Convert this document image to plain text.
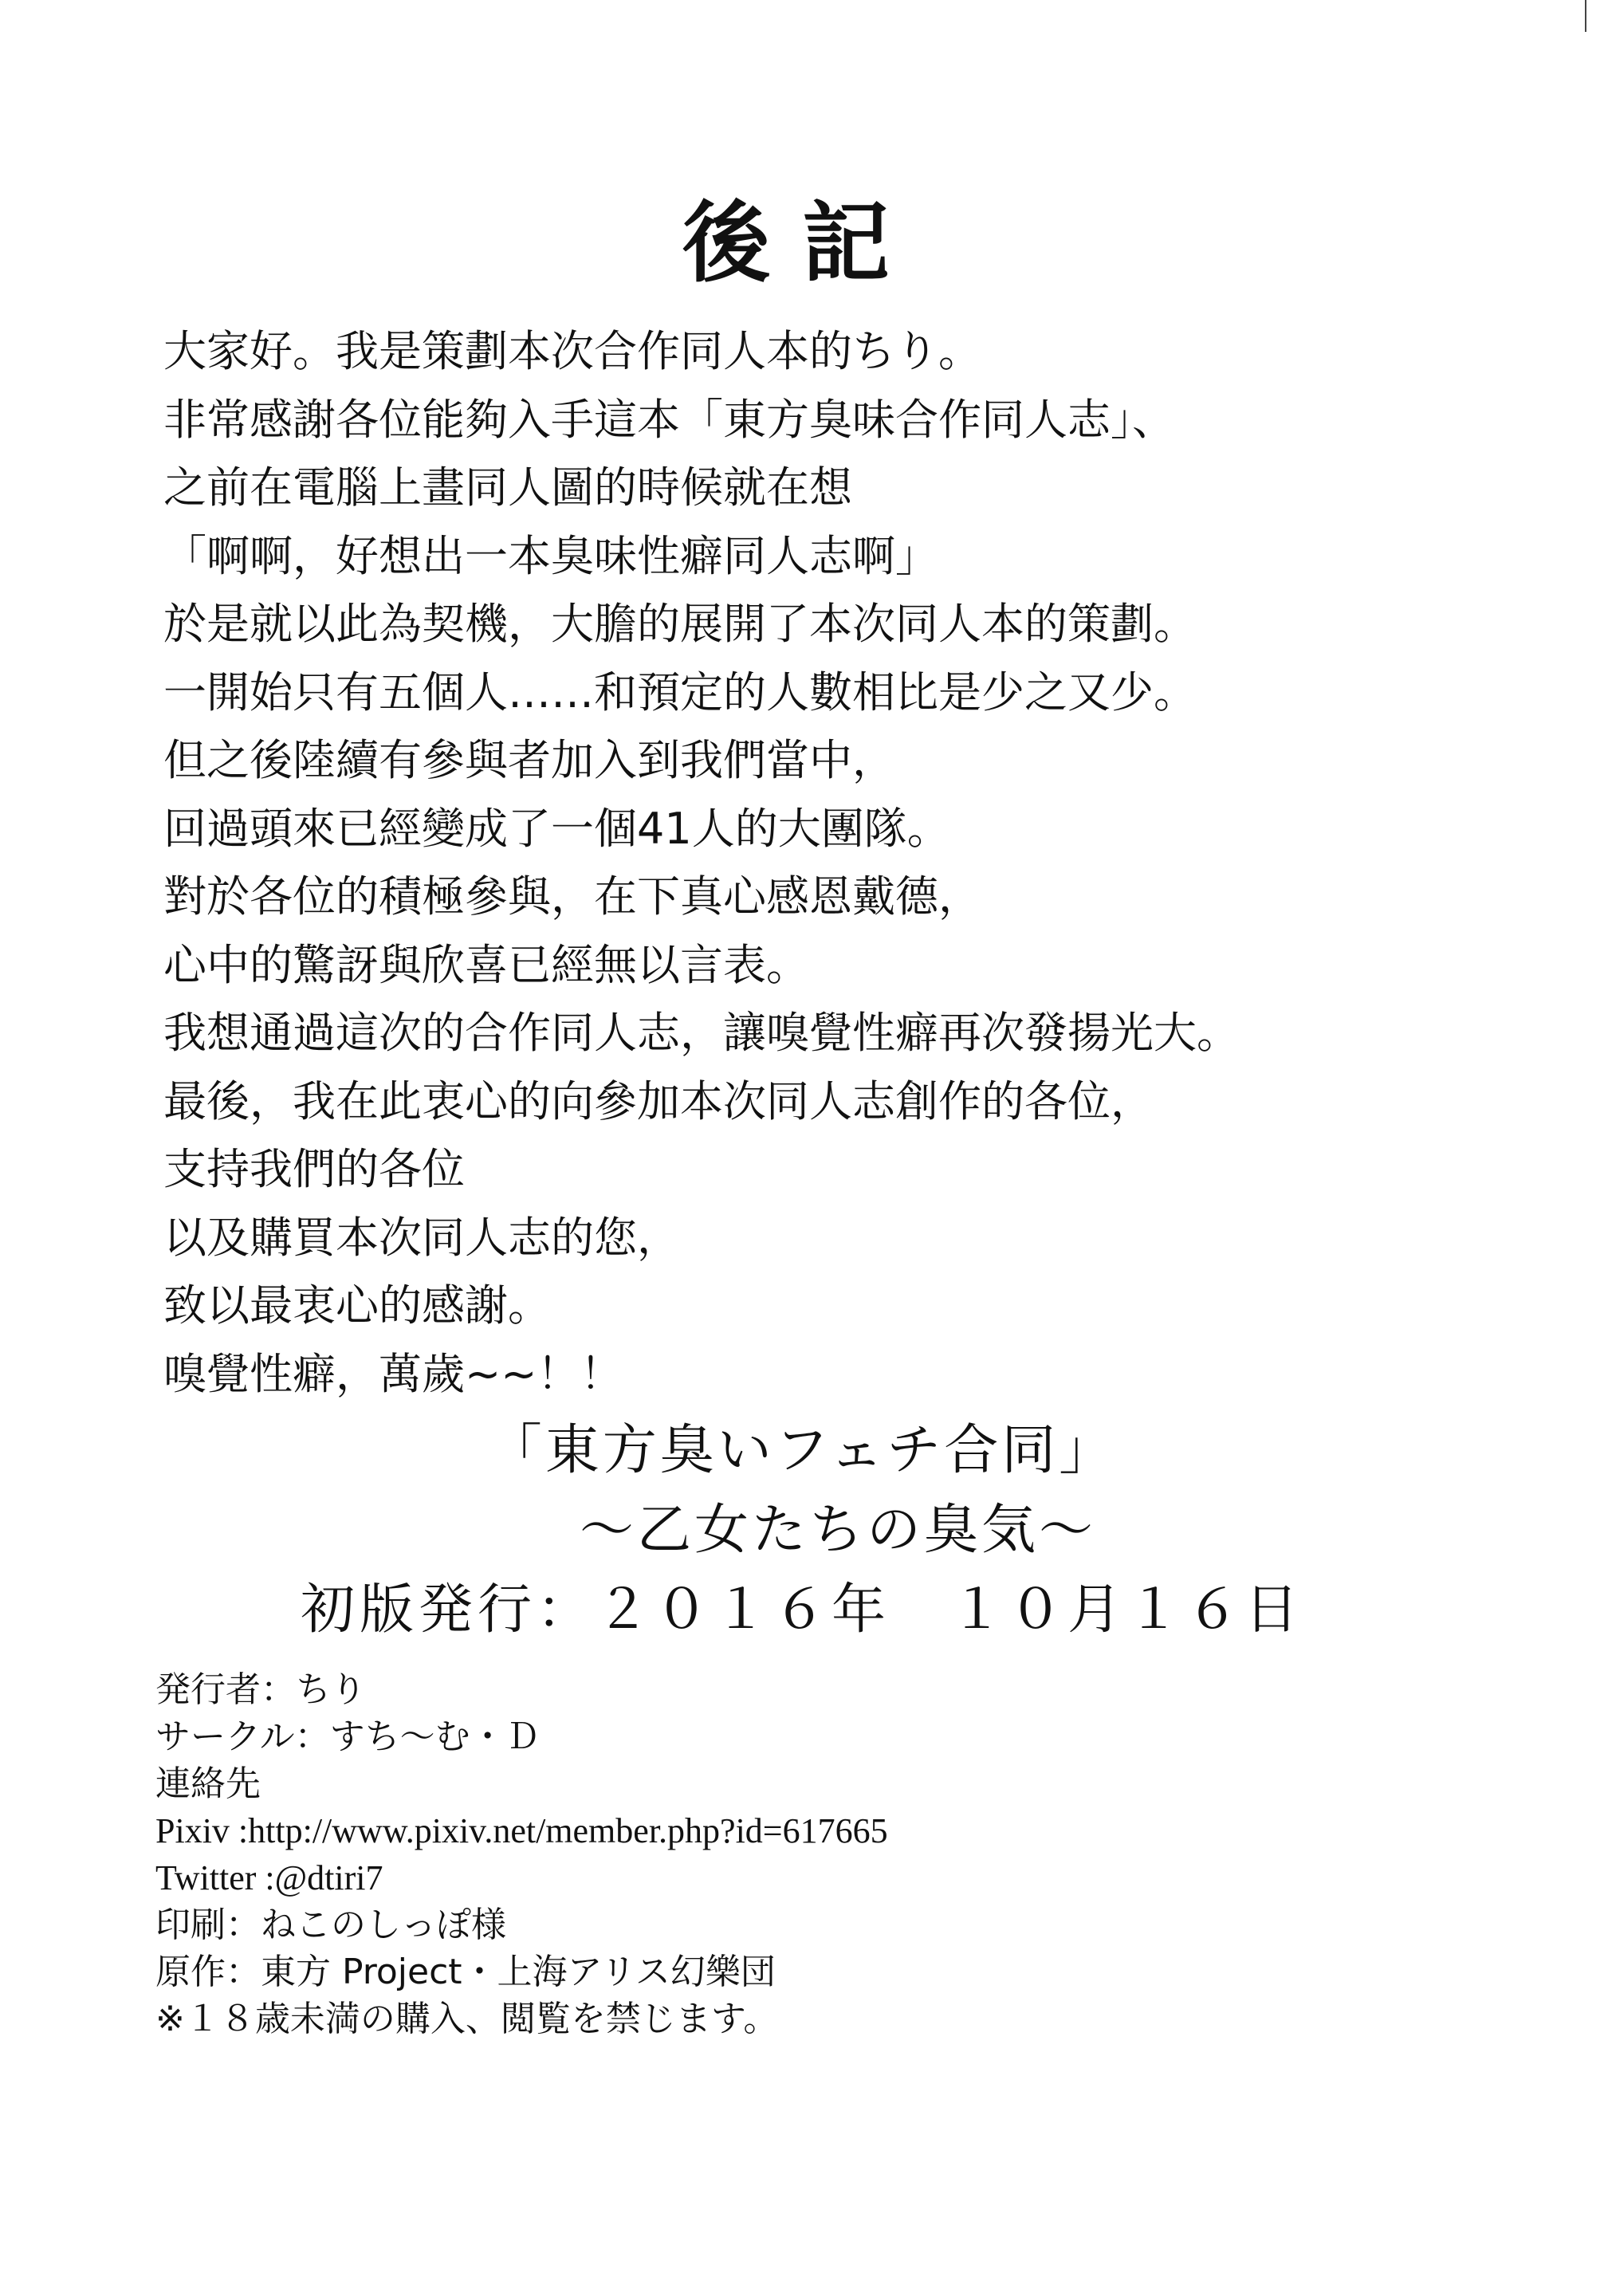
後記
大家好。我是策劃本次合作同人本的ちり。
非常感謝各位能夠入手這本「東方臭味合作同人志」、
之前在電腦上畫同人圖的時候就在想
「啊啊，好想出一本臭味性癖同人志啊」
於是就以此為契機，大膽的展開了本次同人本的策劃。
一開始只有五個人……和預定的人數相比是少之又少。
但之後陸續有參與者加入到我們當中，
回過頭來已經變成了一個41人的大團隊。
對於各位的積極參與，在下真心感恩戴德，
心中的驚訝與欣喜已經無以言表。
我想通過這次的合作同人志，讓嗅覺性癖再次發揚光大。
最後，我在此衷心的向參加本次同人志創作的各位，
支持我們的各位
以及購買本次同人志的您，
致以最衷心的感謝。
嗅覺性癖，萬歲~~！！
「東方臭いフェチ合同」
～乙女たちの臭気～
初版発行：２０１６年　１０月１６日
発行者：ちり
サークル：すち～む・Ｄ
連絡先
Pixiv :http://www.pixiv.net/member.php?id=617665
Twitter :@dtiri7
印刷：ねこのしっぽ様
原作：東方 Project・上海アリス幻樂団
※１８歳未満の購入、閲覧を禁じます。
